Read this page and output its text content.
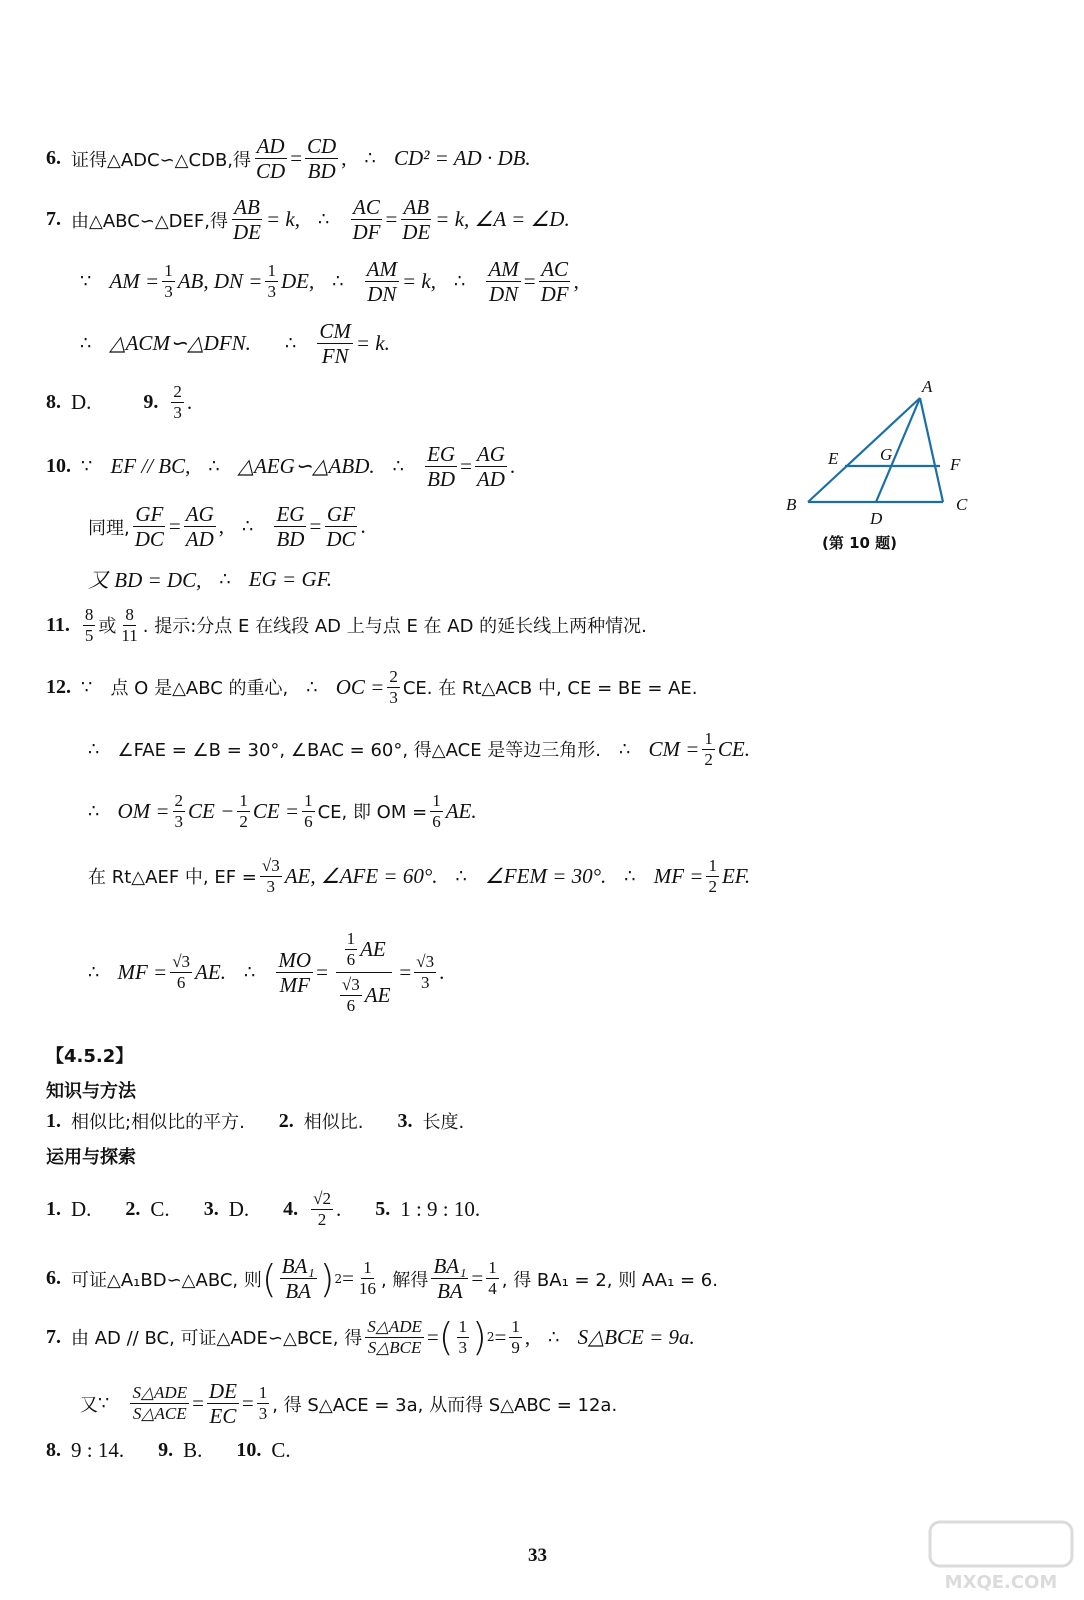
6. 证得△ADC∽△CDB,得 $\frac{AD}{CD} = \frac{CD}{BD}$ , ∴ CD² = AD · DB.
7. 由△ABC∽△DEF,得 $\frac{AB}{DE} = k$, ∴ $\frac{AC}{DF} = \frac{AB}{DE} = k$, ∠A = ∠D.
∵ AM = $\frac{1}{3}$ AB, DN = $\frac{1}{3}$ DE, ∴ $\frac{AM}{DN} = k$, ∴ $\frac{AM}{DN} = \frac{AC}{DF}$ ,
∴ △ACM∽△DFN. ∴ $\frac{CM}{FN} = k$.
8. D.	9. $\frac{2}{3}$ .
10. ∵ EF // BC, ∴ △AEG∽△ABD. ∴ $\frac{EG}{BD} = \frac{AG}{AD}$ .
同理, $\frac{GF}{DC} = \frac{AG}{AD}$ , ∴ $\frac{EG}{BD} = \frac{GF}{DC}$ .
又 BD = DC, ∴ EG = GF.
A
E G
F
B
D
C
(第 10 题)
11. $\frac{8}{5}$ 或 $\frac{8}{11}$ . 提示:分点 E 在线段 AD 上与点 E 在 AD 的延长线上两种情况.
12. ∵ 点 O 是△ABC 的重心, ∴ OC = $\frac{2}{3}$ CE. 在 Rt△ACB 中, CE = BE = AE.
∴ ∠FAE = ∠B = 30°, ∠BAC = 60°, 得△ACE 是等边三角形. ∴ CM = $\frac{1}{2}$ CE.
∴ OM = $\frac{2}{3}$ CE − $\frac{1}{2}$ CE = $\frac{1}{6}$ CE, 即 OM = $\frac{1}{6}$ AE.
在 Rt△AEF 中, EF = $\frac{√3}{3}$ AE, ∠AFE = 60°. ∴ ∠FEM = 30°. ∴ MF = $\frac{1}{2}$ EF.
∴ MF = $\frac{√3}{6}$ AE. ∴ $\frac{MO}{MF} = \frac{\frac{1}{6} AE}{\frac{√3}{6} AE} = \frac{√3}{3}$ .
【4.5.2】
知识与方法
1. 相似比;相似比的平方. 2. 相似比. 3. 长度.
运用与探索
1. D. 2. C. 3. D. 4. $\frac{√2}{2}$ . 5. 1 : 9 : 10.
6. 可证△A₁BD∽△ABC, 则 ( $\frac{\text{BA₁}}{BA}$ ) $2 = \frac{1}{16}$ , 解得 $\frac{\text{BA₁}}{BA} = \frac{1}{4}$ , 得 BA₁ = 2, 则 AA₁ = 6.
7. 由 AD // BC, 可证△ADE∽△BCE, 得 $\frac{\text{S△ADE}}{\text{S△BCE}}$ = ( $\frac{1}{3}$ ) $2 = \frac{1}{9}$ , ∴ S△BCE = 9a.
又 ∵ $\frac{\text{S△ADE}}{\text{S△ACE}} = \frac{DE}{EC} = \frac{1}{3}$ , 得 S△ACE = 3a, 从而得 S△ABC = 12a.
8. 9 : 14. 9. B. 10. C.
33
MXQE.COM
